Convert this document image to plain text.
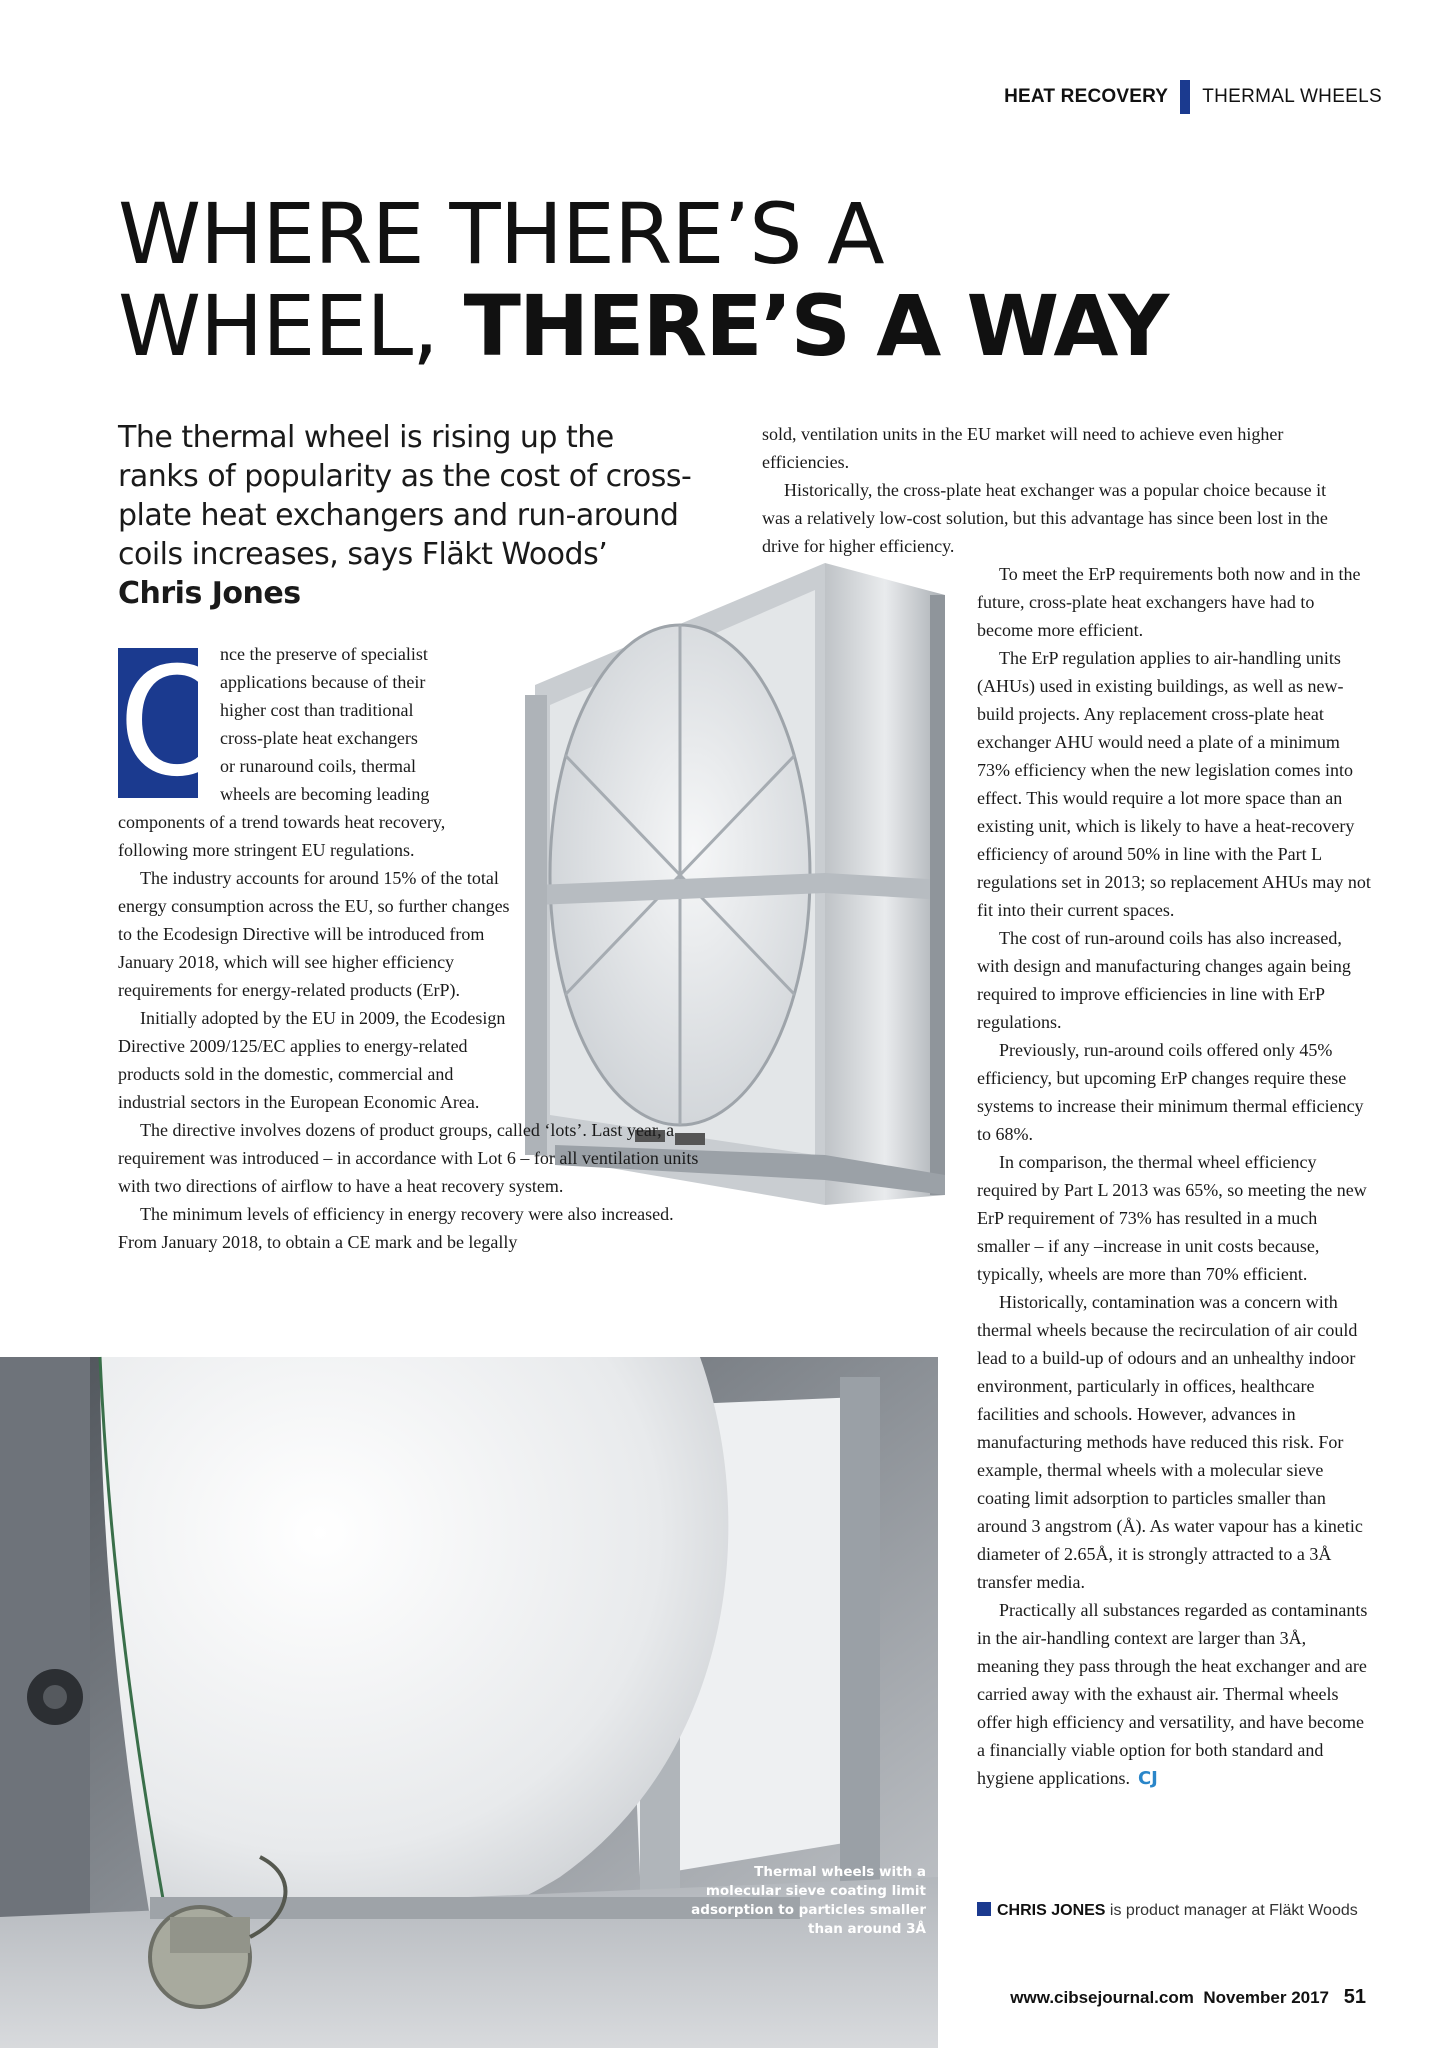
HEAT RECOVERY THERMAL WHEELS
WHERE THERE’S A
WHEEL, THERE’S A WAY

The thermal wheel is rising up the ranks of popularity as the cost of cross-plate heat exchangers and run-around coils increases, says Fläkt Woods’ Chris Jones

O
nce the preserve of specialist
applications because of their
higher cost than traditional
cross-plate heat exchangers
or runaround coils, thermal
wheels are becoming leading

components of a trend towards heat recovery, following more stringent EU regulations.

The industry accounts for around 15% of the total energy consumption across the EU, so further changes to the Ecodesign Directive will be introduced from January 2018, which will see higher efficiency requirements for energy-related products (ErP).

Initially adopted by the EU in 2009, the Ecodesign Directive 2009/125/EC applies to energy-related products sold in the domestic, commercial and industrial sectors in the European Economic Area.

The directive involves dozens of product groups, called ‘lots’. Last year, a requirement was introduced – in accordance with Lot 6 – for all ventilation units with two directions of airflow to have a heat recovery system.

The minimum levels of efficiency in energy recovery were also increased. From January 2018, to obtain a CE mark and be legally

sold, ventilation units in the EU market will need to achieve even higher efficiencies.

Historically, the cross-plate heat exchanger was a popular choice because it was a relatively low-cost solution, but this advantage has since been lost in the drive for higher efficiency.

To meet the ErP requirements both now and in the future, cross-plate heat exchangers have had to become more efficient.

The ErP regulation applies to air-handling units (AHUs) used in existing buildings, as well as new-build projects. Any replacement cross-plate heat exchanger AHU would need a plate of a minimum 73% efficiency when the new legislation comes into effect. This would require a lot more space than an existing unit, which is likely to have a heat-recovery efficiency of around 50% in line with the Part L regulations set in 2013; so replacement AHUs may not fit into their current spaces.

The cost of run-around coils has also increased, with design and manufacturing changes again being required to improve efficiencies in line with ErP regulations.

Previously, run-around coils offered only 45% efficiency, but upcoming ErP changes require these systems to increase their minimum thermal efficiency to 68%.

In comparison, the thermal wheel efficiency required by Part L 2013 was 65%, so meeting the new ErP requirement of 73% has resulted in a much smaller – if any –increase in unit costs because, typically, wheels are more than 70% efficient.

Historically, contamination was a concern with thermal wheels because the recirculation of air could lead to a build-up of odours and an unhealthy indoor environment, particularly in offices, healthcare facilities and schools. However, advances in manufacturing methods have reduced this risk. For example, thermal wheels with a molecular sieve coating limit adsorption to particles smaller than around 3 angstrom (Å). As water vapour has a kinetic diameter of 2.65Å, it is strongly attracted to a 3Å transfer media.

Practically all substances regarded as contaminants in the air-handling context are larger than 3Å, meaning they pass through the heat exchanger and are carried away with the exhaust air. Thermal wheels offer high efficiency and versatility, and have become a financially viable option for both standard and hygiene applications. CJ

Thermal wheels with a molecular sieve coating limit adsorption to particles smaller than around 3Å
CHRIS JONES is product manager at Fläkt Woods
www.cibsejournal.com November 2017 51
